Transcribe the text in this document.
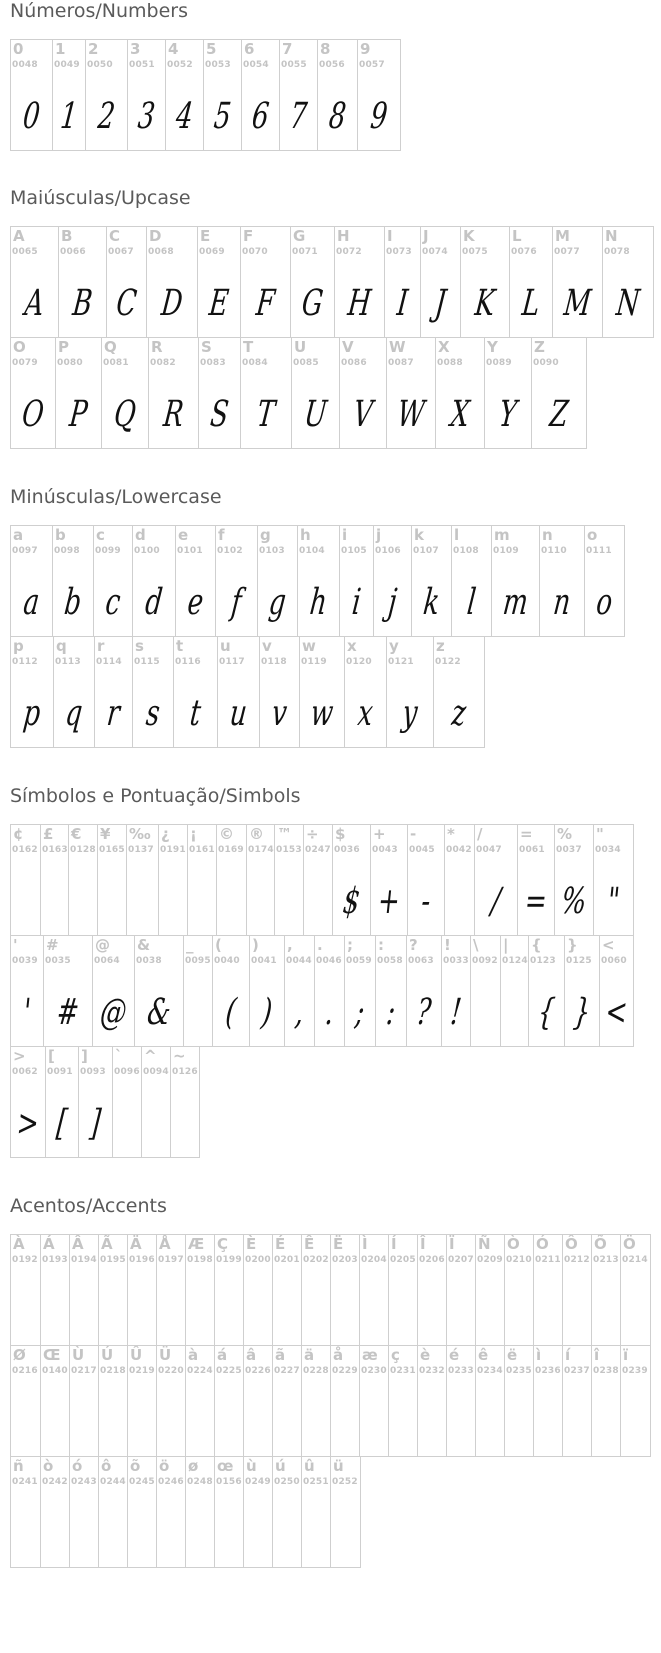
Números/Numbers
0
0048
0
1
0049
1
2
0050
2
3
0051
3
4
0052
4
5
0053
5
6
0054
6
7
0055
7
8
0056
8
9
0057
9
Maiúsculas/Upcase
A
0065
A
B
0066
B
C
0067
C
D
0068
D
E
0069
E
F
0070
F
G
0071
G
H
0072
H
I
0073
I
J
0074
J
K
0075
K
L
0076
L
M
0077
M
N
0078
N
O
0079
O
P
0080
P
Q
0081
Q
R
0082
R
S
0083
S
T
0084
T
U
0085
U
V
0086
V
W
0087
W
X
0088
X
Y
0089
Y
Z
0090
Z
Minúsculas/Lowercase
a
0097
a
b
0098
b
c
0099
c
d
0100
d
e
0101
e
f
0102
f
g
0103
g
h
0104
h
i
0105
i
j
0106
j
k
0107
k
l
0108
l
m
0109
m
n
0110
n
o
0111
o
p
0112
p
q
0113
q
r
0114
r
s
0115
s
t
0116
t
u
0117
u
v
0118
v
w
0119
w
x
0120
x
y
0121
y
z
0122
z
Símbolos e Pontuação/Simbols
¢
0162
£
0163
€
0128
¥
0165
‰
0137
¿
0191
¡
0161
©
0169
®
0174
™
0153
÷
0247
$
0036
$
+
0043
+
-
0045
-
*
0042
/
0047
/
=
0061
=
%
0037
%
"
0034
"
'
0039
'
#
0035
#
@
0064
@
&
0038
&
_
0095
(
0040
(
)
0041
)
,
0044
,
.
0046
.
;
0059
;
:
0058
:
?
0063
?
!
0033
!
\
0092
|
0124
{
0123
{
}
0125
}
<
0060
<
>
0062
>
[
0091
[
]
0093
]
`
0096
^
0094
~
0126
Acentos/Accents
À
0192
Á
0193
Â
0194
Ã
0195
Ä
0196
Å
0197
Æ
0198
Ç
0199
È
0200
É
0201
Ê
0202
Ë
0203
Ì
0204
Í
0205
Î
0206
Ï
0207
Ñ
0209
Ò
0210
Ó
0211
Ô
0212
Õ
0213
Ö
0214
Ø
0216
Œ
0140
Ù
0217
Ú
0218
Û
0219
Ü
0220
à
0224
á
0225
â
0226
ã
0227
ä
0228
å
0229
æ
0230
ç
0231
è
0232
é
0233
ê
0234
ë
0235
ì
0236
í
0237
î
0238
ï
0239
ñ
0241
ò
0242
ó
0243
ô
0244
õ
0245
ö
0246
ø
0248
œ
0156
ù
0249
ú
0250
û
0251
ü
0252
